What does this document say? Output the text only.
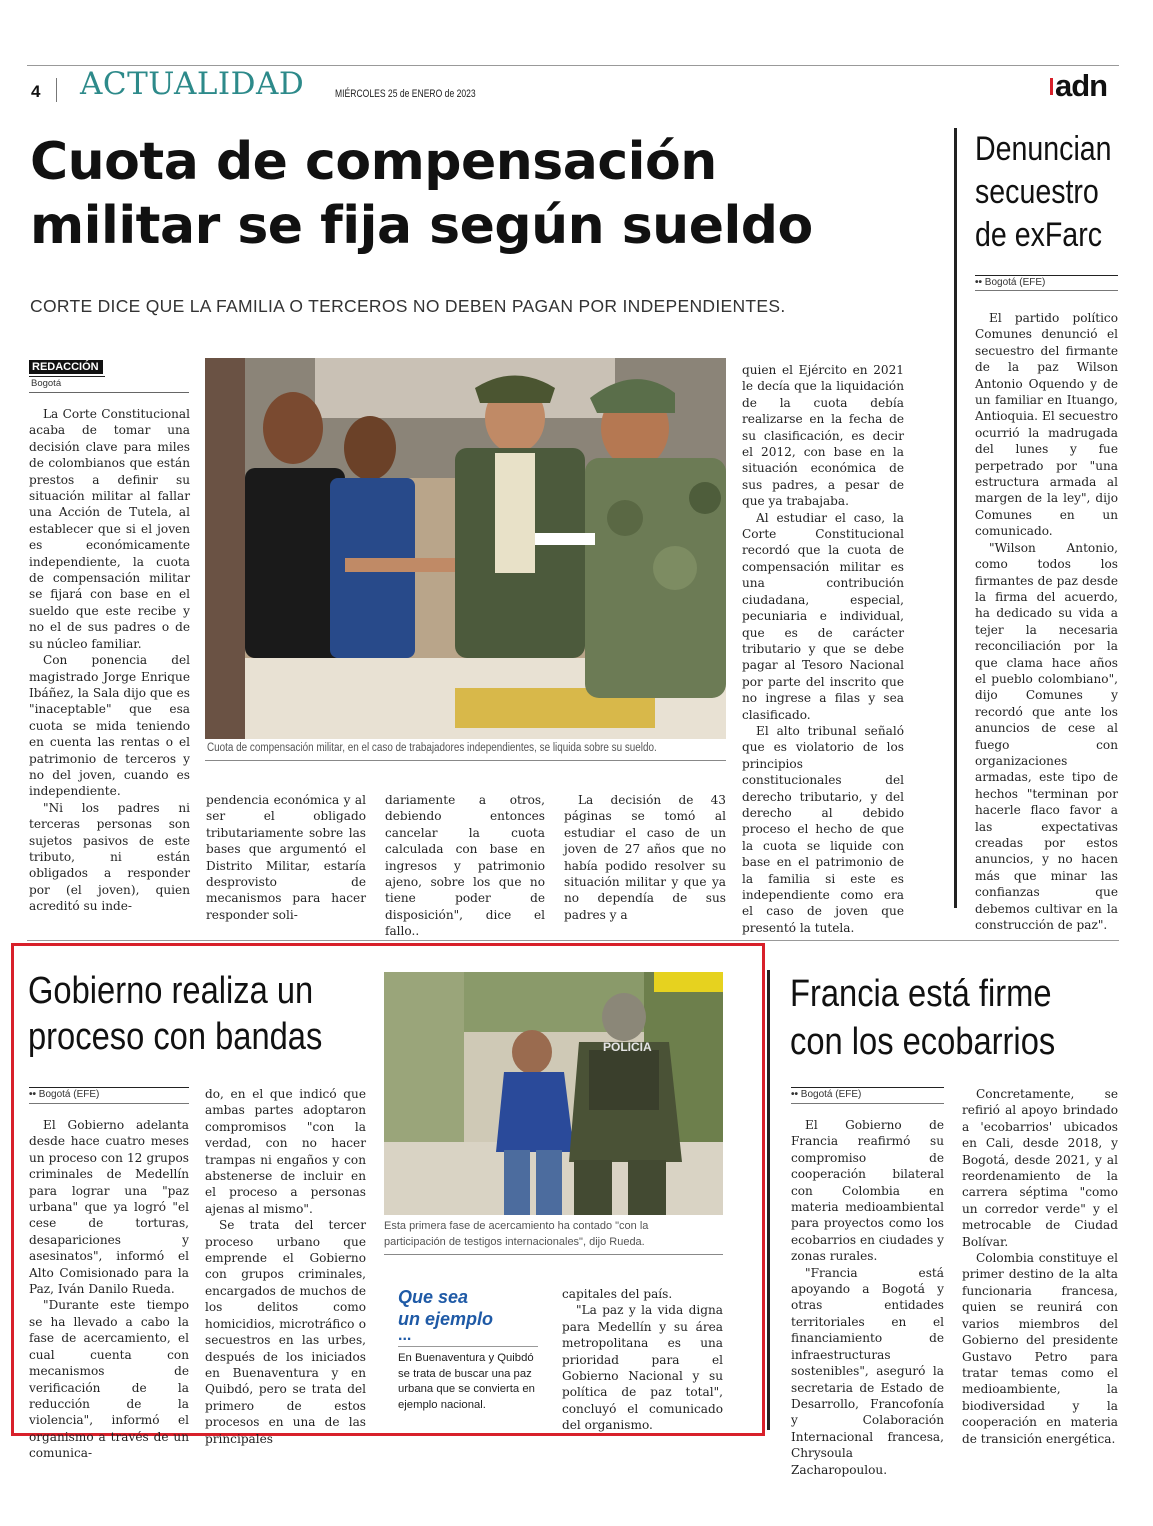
4 ACTUALIDAD	MIÉRCOLES 25 de ENERO de 2023	adn
Cuota de compensación
militar se fija según sueldo
CORTE DICE QUE LA FAMILIA O TERCEROS NO DEBEN PAGAN POR INDEPENDIENTES.
REDACCIÓN
Bogotá

La Corte Constitucional acaba de tomar una decisión clave para miles de colombianos que están prestos a definir su situación militar al fallar una Acción de Tutela, al establecer que si el joven es económicamente independiente, la cuota de compensación militar se fijará con base en el sueldo que este recibe y no el de sus padres o de su núcleo familiar.

Con ponencia del magistrado Jorge Enrique Ibáñez, la Sala dijo que es "inaceptable" que esa cuota se mida teniendo en cuenta las rentas o el patrimonio de terceros y no del joven, cuando es independiente.

"Ni los padres ni terceras personas son sujetos pasivos de este tributo, ni están obligados a responder por (el joven), quien acreditó su inde-

Cuota de compensación militar, en el caso de trabajadores independientes, se liquida sobre su sueldo.

pendencia económica y al ser el obligado tributariamente sobre las bases que argumentó el Distrito Militar, estaría desprovisto de mecanismos para hacer responder soli-

dariamente a otros, debiendo entonces cancelar la cuota calculada con base en ingresos y patrimonio ajeno, sobre los que no tiene poder de disposición", dice el fallo..

La decisión de 43 páginas se tomó al estudiar el caso de un joven de 27 años que no había podido resolver su situación militar y que ya no dependía de sus padres y a

quien el Ejército en 2021 le decía que la liquidación de la cuota debía realizarse en la fecha de su clasificación, es decir el 2012, con base en la situación económica de sus padres, a pesar de que ya trabajaba.

Al estudiar el caso, la Corte Constitucional recordó que la cuota de compensación militar es una contribución ciudadana, especial, pecuniaria e individual, que es de carácter tributario y que se debe pagar al Tesoro Nacional por parte del inscrito que no ingrese a filas y sea clasificado.

El alto tribunal señaló que es violatorio de los principios constitucionales del derecho tributario, y del derecho al debido proceso el hecho de que la cuota se liquide con base en el patrimonio de la familia si este es independiente como era el caso de joven que presentó la tutela.

Denuncian
secuestro
de exFarc
•• Bogotá (EFE)

El partido político Comunes denunció el secuestro del firmante de la paz Wilson Antonio Oquendo y de un familiar en Ituango, Antioquia. El secuestro ocurrió la madrugada del lunes y fue perpetrado por "una estructura armada al margen de la ley", dijo Comunes en un comunicado.

"Wilson Antonio, como todos los firmantes de paz desde la firma del acuerdo, ha dedicado su vida a tejer la necesaria reconciliación por la que clama hace años el pueblo colombiano", dijo Comunes y recordó que ante los anuncios de cese al fuego con organizaciones armadas, este tipo de hechos "terminan por hacerle flaco favor a las expectativas creadas por estos anuncios, y no hacen más que minar las confianzas que debemos cultivar en la construcción de paz".

Gobierno realiza un
proceso con bandas
•• Bogotá (EFE)

El Gobierno adelanta desde hace cuatro meses un proceso con 12 grupos criminales de Medellín para lograr una "paz urbana" que ya logró "el cese de torturas, desapariciones y asesinatos", informó el Alto Comisionado para la Paz, Iván Danilo Rueda.

"Durante este tiempo se ha llevado a cabo la fase de acercamiento, el cual cuenta con mecanismos de verificación de la reducción de la violencia", informó el organismo a través de un comunica-

do, en el que indicó que ambas partes adoptaron compromisos "con la verdad, con no hacer trampas ni engaños y con abstenerse de incluir en el proceso a personas ajenas al mismo".

Se trata del tercer proceso urbano que emprende el Gobierno con grupos criminales, encargados de muchos de los delitos como homicidios, microtráfico o secuestros en las urbes, después de los iniciados en Buenaventura y en Quibdó, pero se trata del primero de estos procesos en una de las principales

POLICIA
Esta primera fase de acercamiento ha contado "con la participación de testigos internacionales", dijo Rueda.
Que sea
un ejemplo
...
En Buenaventura y Quibdó se trata de buscar una paz urbana que se convierta en ejemplo nacional.

capitales del país.

"La paz y la vida digna para Medellín y su área metropolitana es una prioridad para el Gobierno Nacional y su política de paz total", concluyó el comunicado del organismo.

Francia está firme
con los ecobarrios
•• Bogotá (EFE)

El Gobierno de Francia reafirmó su compromiso de cooperación bilateral con Colombia en materia medioambiental para proyectos como los ecobarrios en ciudades y zonas rurales.

"Francia está apoyando a Bogotá y otras entidades territoriales en el financiamiento de infraestructuras sostenibles", aseguró la secretaria de Estado de Desarrollo, Francofonía y Colaboración Internacional francesa, Chrysoula Zacharopoulou.

Concretamente, se refirió al apoyo brindado a 'ecobarrios' ubicados en Cali, desde 2018, y Bogotá, desde 2021, y al reordenamiento de la carrera séptima "como un corredor verde" y el metrocable de Ciudad Bolívar.

Colombia constituye el primer destino de la alta funcionaria francesa, quien se reunirá con varios miembros del Gobierno del presidente Gustavo Petro para tratar temas como el medioambiente, la biodiversidad y la cooperación en materia de transición energética.
